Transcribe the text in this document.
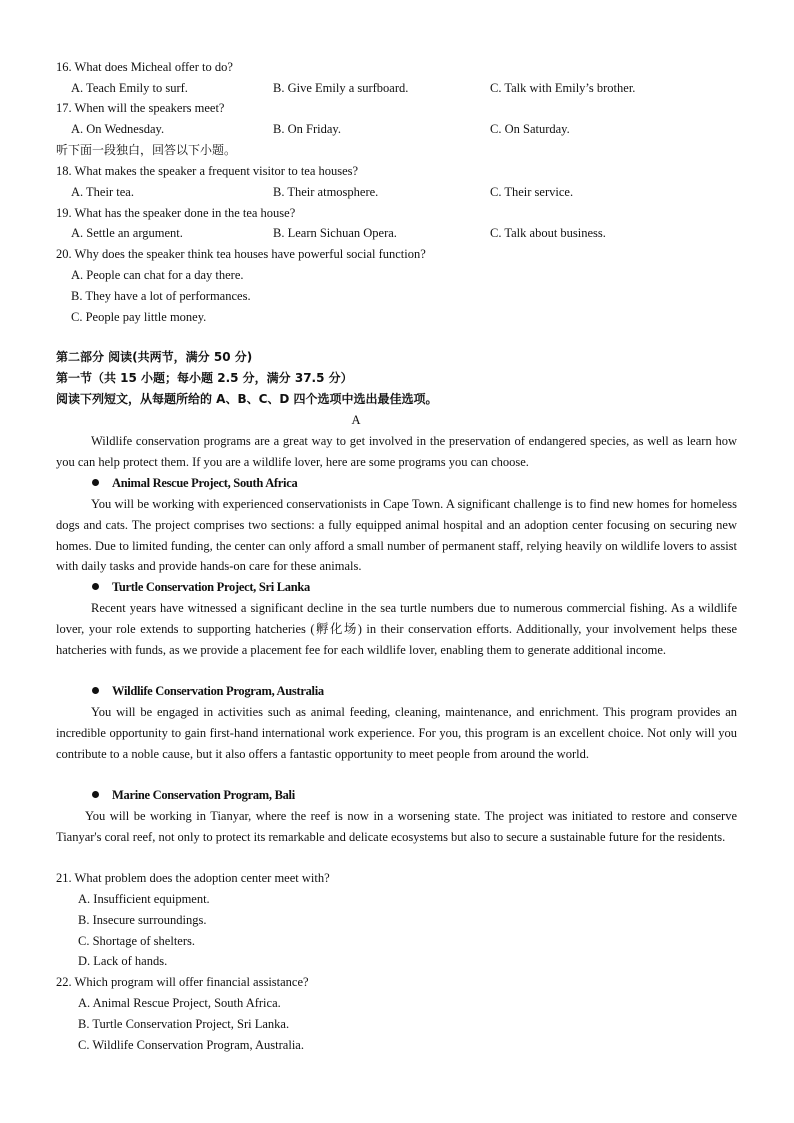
16. What does Micheal offer to do?
A. Teach Emily to surf.	B. Give Emily a surfboard.	C. Talk with Emily’s brother.
17. When will the speakers meet?
A. On Wednesday.	B. On Friday.	C. On Saturday.
听下面一段独白，回答以下小题。
18. What makes the speaker a frequent visitor to tea houses?
A. Their tea.	B. Their atmosphere.	C. Their service.
19. What has the speaker done in the tea house?
A. Settle an argument.	B. Learn Sichuan Opera.	C. Talk about business.
20. Why does the speaker think tea houses have powerful social function?
A. People can chat for a day there.
B. They have a lot of performances.
C. People pay little money.
第二部分 阅读(共两节，满分 50 分)
第一节（共 15 小题；每小题 2.5 分，满分 37.5 分）
阅读下列短文，从每题所给的 A、B、C、D 四个选项中选出最佳选项。
A

Wildlife conservation programs are a great way to get involved in the preservation of endangered species, as well as learn how you can help protect them. If you are a wildlife lover, here are some programs you can choose.

Animal Rescue Project, South Africa

You will be working with experienced conservationists in Cape Town. A significant challenge is to find new homes for homeless dogs and cats. The project comprises two sections: a fully equipped animal hospital and an adoption center focusing on securing new homes. Due to limited funding, the center can only afford a small number of permanent staff, relying heavily on wildlife lovers to assist with daily tasks and provide hands-on care for these animals.

Turtle Conservation Project, Sri Lanka

Recent years have witnessed a significant decline in the sea turtle numbers due to numerous commercial fishing. As a wildlife lover, your role extends to supporting hatcheries (孵化场) in their conservation efforts. Additionally, your involvement helps these hatcheries with funds, as we provide a placement fee for each wildlife lover, enabling them to generate additional income.

Wildlife Conservation Program, Australia

You will be engaged in activities such as animal feeding, cleaning, maintenance, and enrichment. This program provides an incredible opportunity to gain first-hand international work experience. For you, this program is an excellent choice. Not only will you contribute to a noble cause, but it also offers a fantastic opportunity to meet people from around the world.

Marine Conservation Program, Bali

You will be working in Tianyar, where the reef is now in a worsening state. The project was initiated to restore and conserve Tianyar's coral reef, not only to protect its remarkable and delicate ecosystems but also to secure a sustainable future for the residents.

21. What problem does the adoption center meet with?
A. Insufficient equipment.
B. Insecure surroundings.
C. Shortage of shelters.
D. Lack of hands.
22. Which program will offer financial assistance?
A. Animal Rescue Project, South Africa.
B. Turtle Conservation Project, Sri Lanka.
C. Wildlife Conservation Program, Australia.
